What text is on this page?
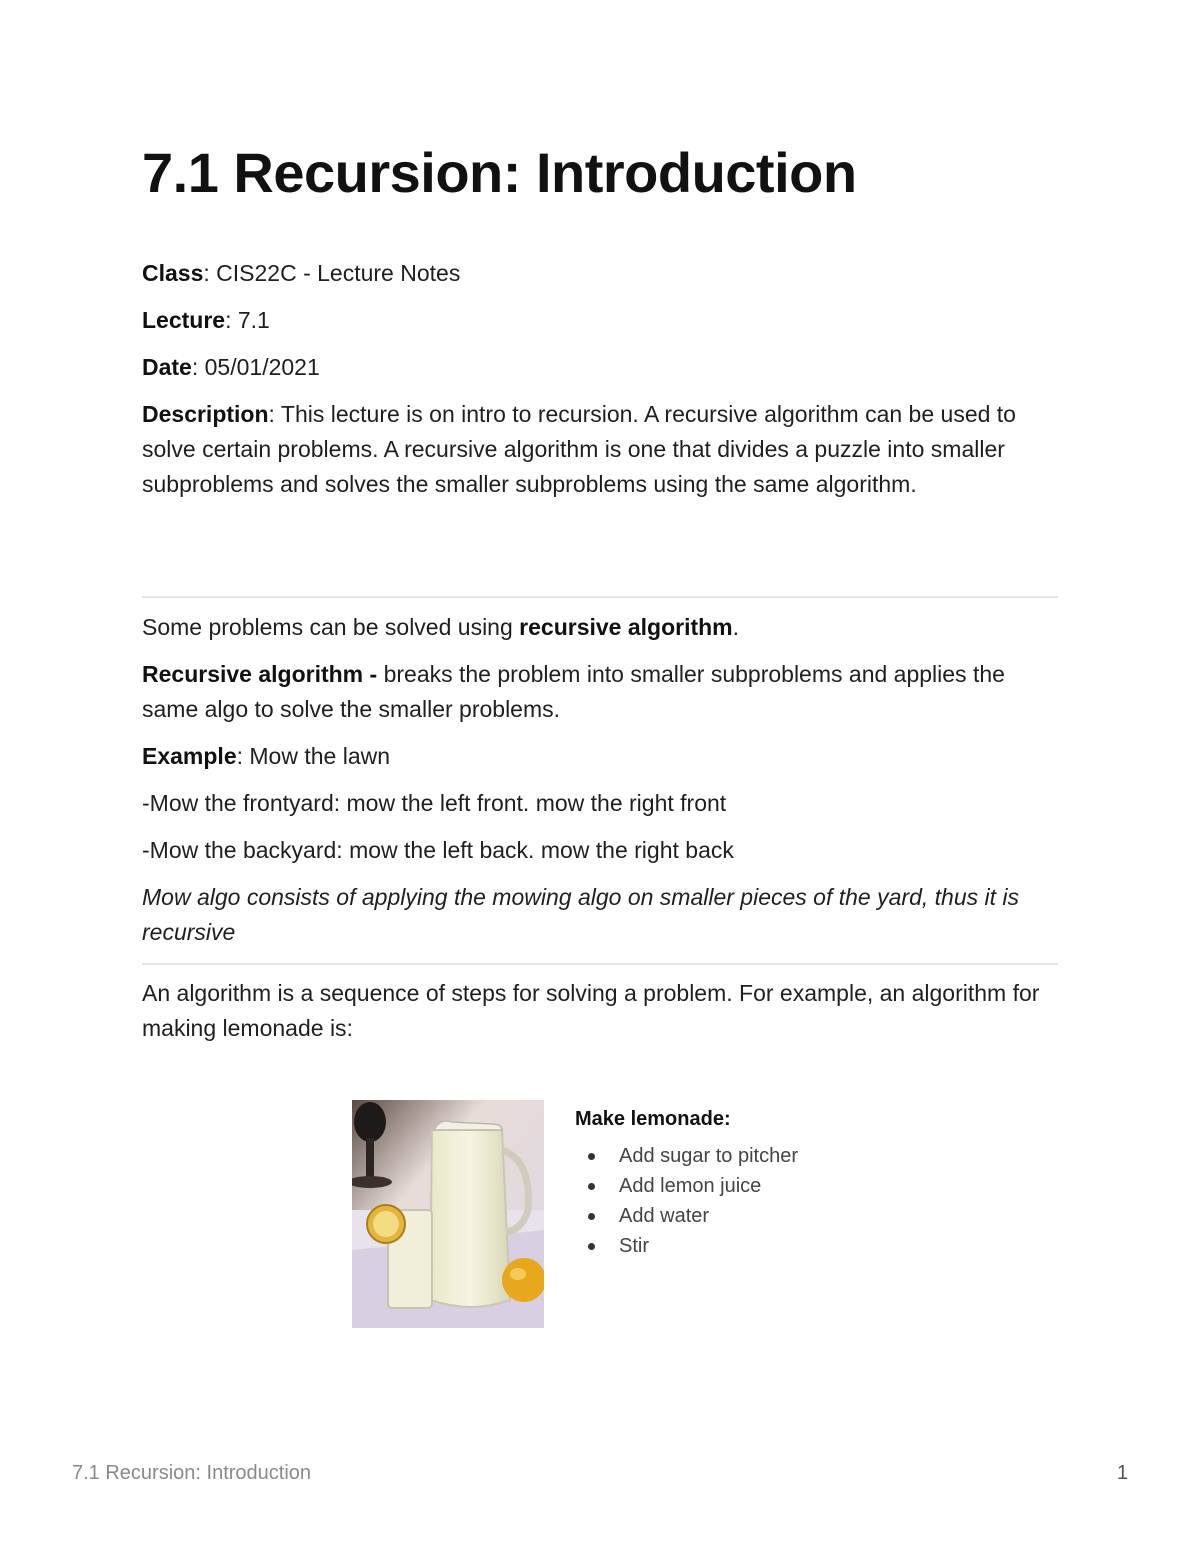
7.1 Recursion: Introduction

Class: CIS22C - Lecture Notes

Lecture: 7.1

Date: 05/01/2021

Description: This lecture is on intro to recursion. A recursive algorithm can be used to solve certain problems. A recursive algorithm is one that divides a puzzle into smaller subproblems and solves the smaller subproblems using the same algorithm.

Some problems can be solved using recursive algorithm.

Recursive algorithm - breaks the problem into smaller subproblems and applies the same algo to solve the smaller problems.

Example: Mow the lawn

-Mow the frontyard: mow the left front. mow the right front

-Mow the backyard: mow the left back. mow the right back

Mow algo consists of applying the mowing algo on smaller pieces of the yard, thus it is recursive

An algorithm is a sequence of steps for solving a problem. For example, an algorithm for making lemonade is:

Make lemonade:
Add sugar to pitcher
Add lemon juice
Add water
Stir
7.1 Recursion: Introduction	1
